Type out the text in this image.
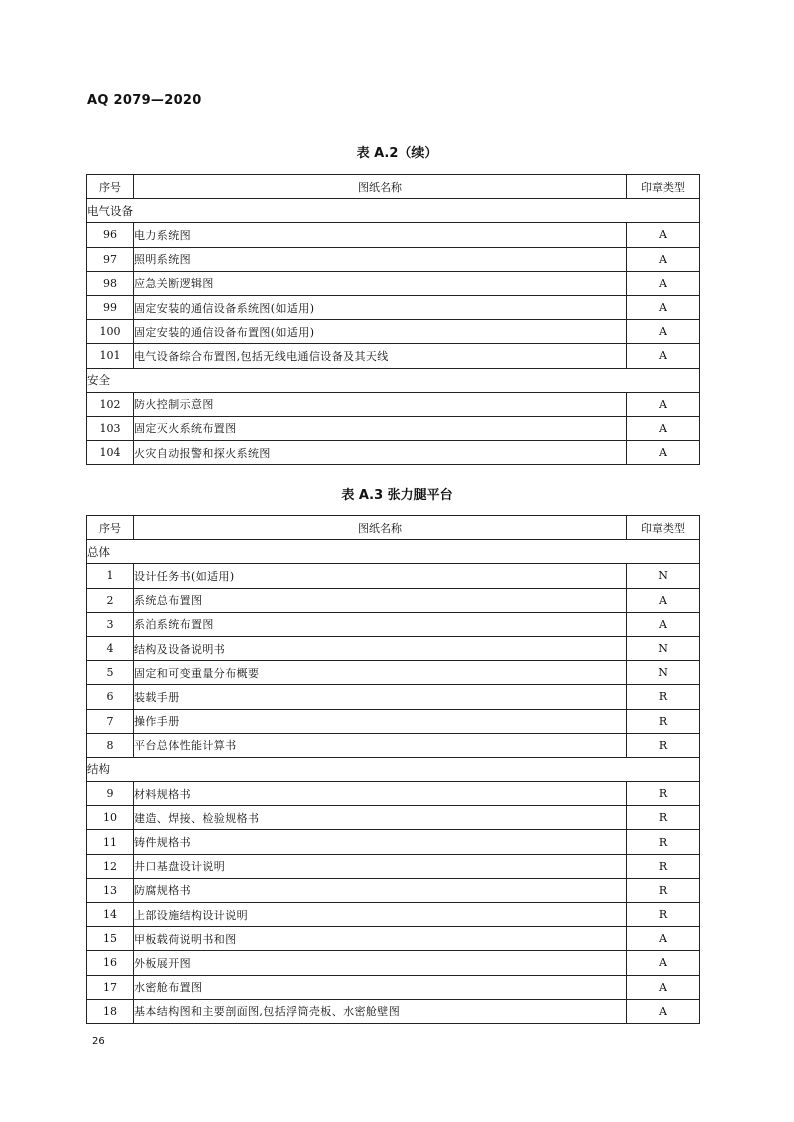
AQ 2079—2020
表 A.2（续）
序号	图纸名称	印章类型
电气设备		
96	电力系统图	A
97	照明系统图	A
98	应急关断逻辑图	A
99	固定安装的通信设备系统图(如适用)	A
100	固定安装的通信设备布置图(如适用)	A
101	电气设备综合布置图,包括无线电通信设备及其天线	A
安全		
102	防火控制示意图	A
103	固定灭火系统布置图	A
104	火灾自动报警和探火系统图	A
表 A.3 张力腿平台
序号	图纸名称	印章类型
总体		
1	设计任务书(如适用)	N
2	系统总布置图	A
3	系泊系统布置图	A
4	结构及设备说明书	N
5	固定和可变重量分布概要	N
6	装载手册	R
7	操作手册	R
8	平台总体性能计算书	R
结构		
9	材料规格书	R
10	建造、焊接、检验规格书	R
11	铸件规格书	R
12	井口基盘设计说明	R
13	防腐规格书	R
14	上部设施结构设计说明	R
15	甲板载荷说明书和图	A
16	外板展开图	A
17	水密舱布置图	A
18	基本结构图和主要剖面图,包括浮筒壳板、水密舱壁图	A
26
